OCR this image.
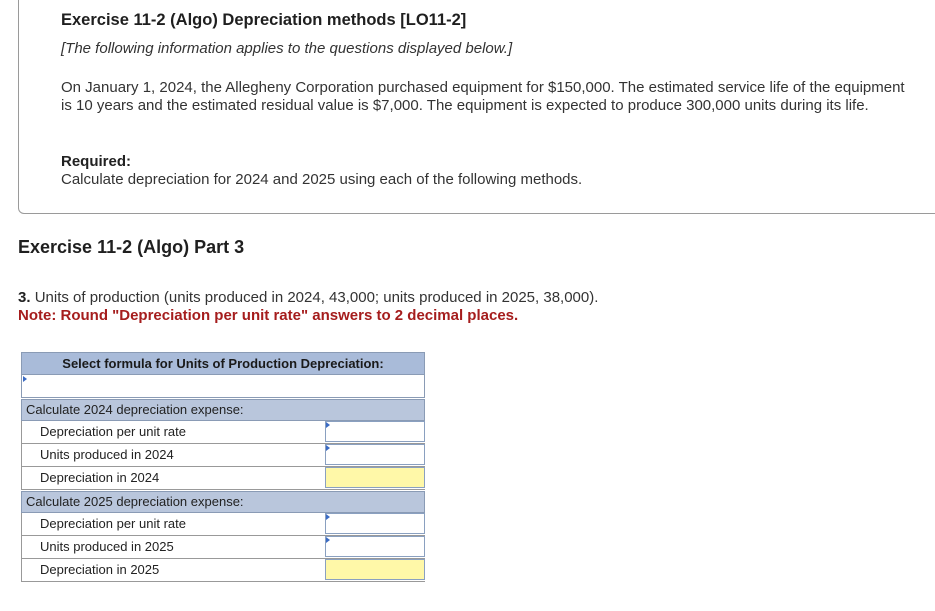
Exercise 11-2 (Algo) Depreciation methods [LO11-2]
[The following information applies to the questions displayed below.]
On January 1, 2024, the Allegheny Corporation purchased equipment for $150,000. The estimated service life of the equipment is 10 years and the estimated residual value is $7,000. The equipment is expected to produce 300,000 units during its life.
Required:
Calculate depreciation for 2024 and 2025 using each of the following methods.
Exercise 11-2 (Algo) Part 3
3. Units of production (units produced in 2024, 43,000; units produced in 2025, 38,000).
Note: Round "Depreciation per unit rate" answers to 2 decimal places.
Select formula for Units of Production Depreciation:
Calculate 2024 depreciation expense:
Depreciation per unit rate
Units produced in 2024
Depreciation in 2024
Calculate 2025 depreciation expense:
Depreciation per unit rate
Units produced in 2025
Depreciation in 2025
